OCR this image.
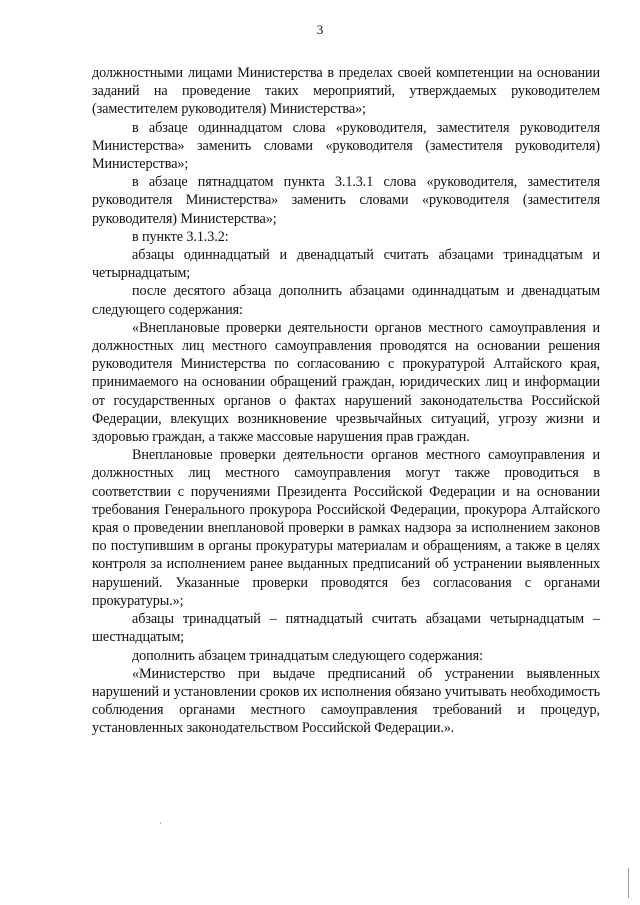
3

должностными лицами Министерства в пределах своей компетенции на основании заданий на проведение таких мероприятий, утверждаемых руководителем (заместителем руководителя) Министерства»;

в абзаце одиннадцатом слова «руководителя, заместителя руководителя Министерства» заменить словами «руководителя (заместителя руководителя) Министерства»;

в абзаце пятнадцатом пункта 3.1.3.1 слова «руководителя, заместителя руководителя Министерства» заменить словами «руководителя (заместителя руководителя) Министерства»;

в пункте 3.1.3.2:

абзацы одиннадцатый и двенадцатый считать абзацами тринадцатым и четырнадцатым;

после десятого абзаца дополнить абзацами одиннадцатым и двенадцатым следующего содержания:

«Внеплановые проверки деятельности органов местного самоуправления и должностных лиц местного самоуправления проводятся на основании решения руководителя Министерства по согласованию с прокуратурой Алтайского края, принимаемого на основании обращений граждан, юридических лиц и информации от государственных органов о фактах нарушений законодательства Российской Федерации, влекущих возникновение чрезвычайных ситуаций, угрозу жизни и здоровью граждан, а также массовые нарушения прав граждан.

Внеплановые проверки деятельности органов местного самоуправления и должностных лиц местного самоуправления могут также проводиться в соответствии с поручениями Президента Российской Федерации и на основании требования Генерального прокурора Российской Федерации, прокурора Алтайского края о проведении внеплановой проверки в рамках надзора за исполнением законов по поступившим в органы прокуратуры материалам и обращениям, а также в целях контроля за исполнением ранее выданных предписаний об устранении выявленных нарушений. Указанные проверки проводятся без согласования с органами прокуратуры.»;

абзацы тринадцатый – пятнадцатый считать абзацами четырнадцатым – шестнадцатым;

дополнить абзацем тринадцатым следующего содержания:

«Министерство при выдаче предписаний об устранении выявленных нарушений и установлении сроков их исполнения обязано учитывать необходимость соблюдения органами местного самоуправления требований и процедур, установленных законодательством Российской Федерации.».
